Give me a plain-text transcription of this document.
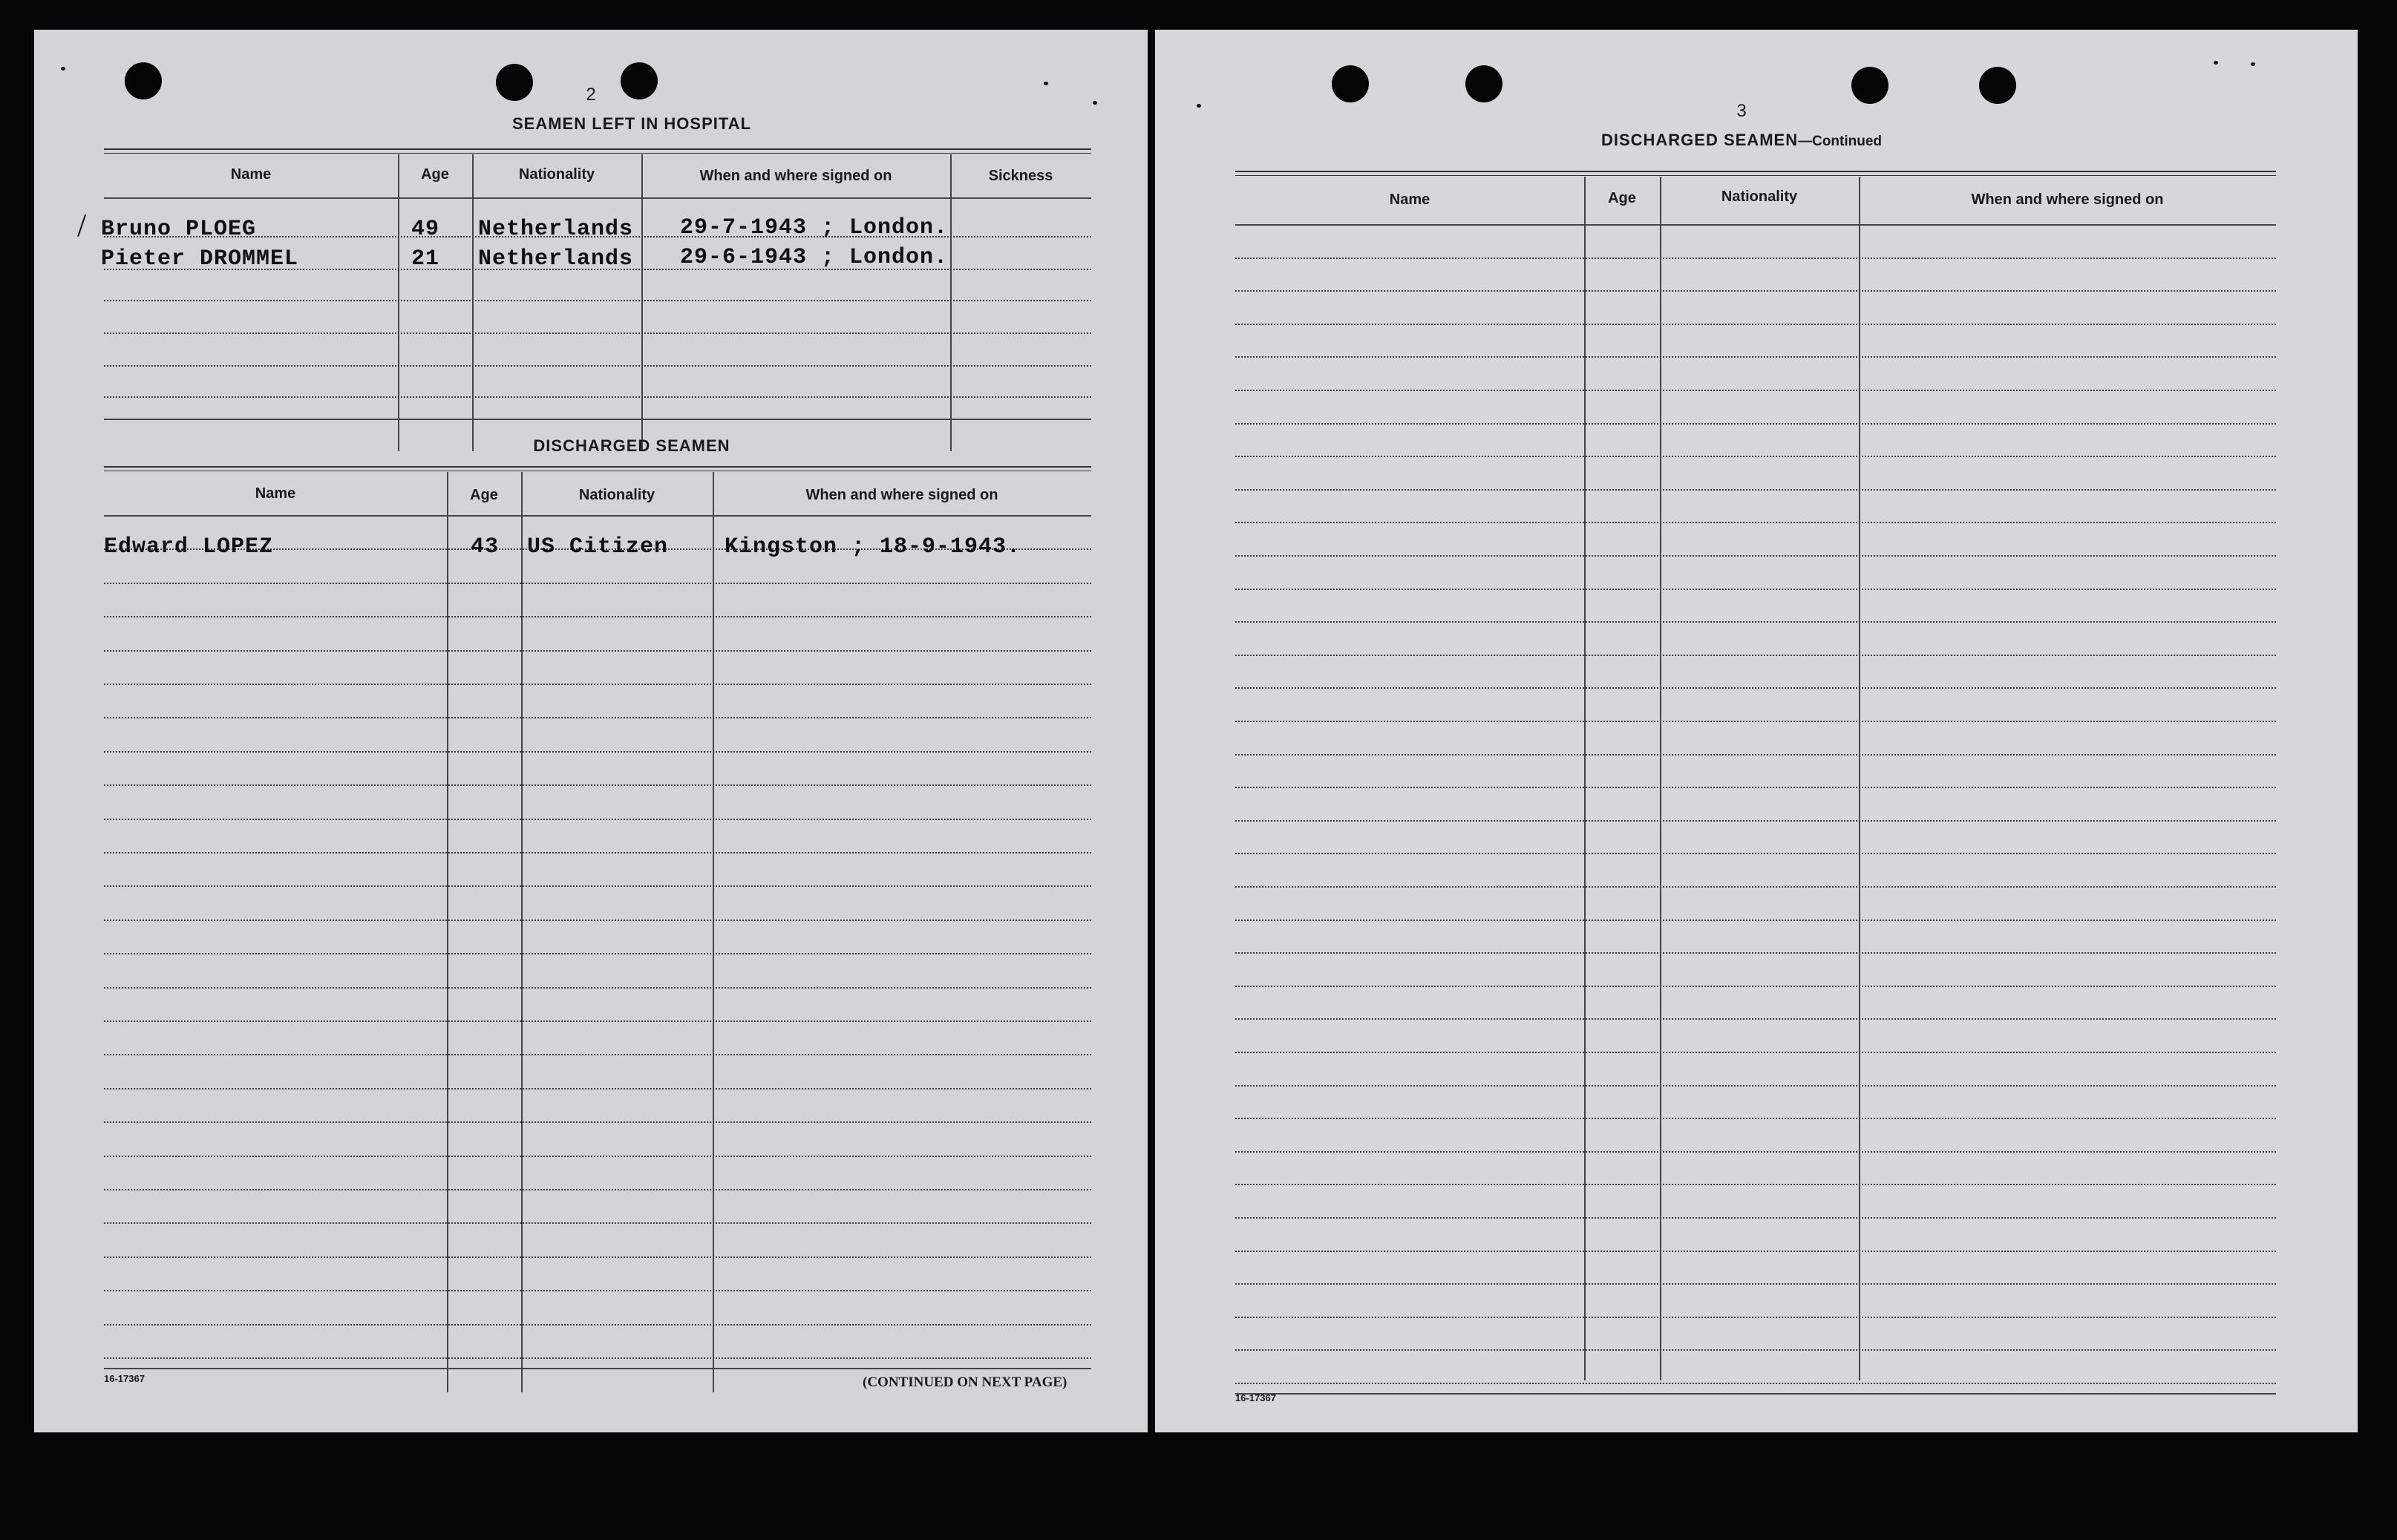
2
SEAMEN LEFT IN HOSPITAL
Name	Age	Nationality	When and where signed on	Sickness
/ Bruno PLOEG	49 Netherlands 29-7-1943 ; London.
Pieter DROMMEL	21 Netherlands 29-6-1943 ; London.
DISCHARGED SEAMEN
Name	Age	Nationality	When and where signed on
Edward LOPEZ	43 US Citizen	Kingston ; 18-9-1943.
16-17367	(CONTINUED ON NEXT PAGE)
3
DISCHARGED SEAMEN—Continued
Name	Age	Nationality	When and where signed on
16-17367
